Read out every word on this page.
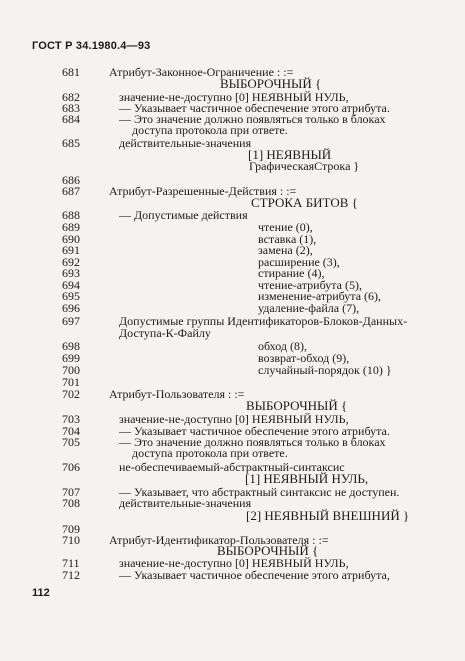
ГОСТ Р 34.1980.4—93
681 Атрибут-Законное-Ограничение : :=
ВЫБОРОЧНЫЙ {
682	значение-не-доступно [0] НЕЯВНЫЙ НУЛЬ,
683	— Указывает частичное обеспечение этого атрибута.
684	— Это значение должно появляться только в блоках
доступа протокола при ответе.
685	действительные-значения
[1] НЕЯВНЫЙ
ГрафическаяСтрока }
686
687 Атрибут-Разрешенные-Действия : :=
СТРОКА БИТОВ {
688	— Допустимые действия
689	чтение (0),
690	вставка (1),
691	замена (2),
692	расширение (3),
693	стирание (4),
694	чтение-атрибута (5),
695	изменение-атрибута (6),
696	удаление-файла (7),
697	Допустимые группы Идентификаторов-Блоков-Данных-
Доступа-К-Файлу
698	обход (8),
699	возврат-обход (9),
700	случайный-порядок (10) }
701
702 Атрибут-Пользователя : :=
ВЫБОРОЧНЫЙ {
703	значение-не-доступно [0] НЕЯВНЫЙ НУЛЬ,
704	— Указывает частичное обеспечение этого атрибута.
705	— Это значение должно появляться только в блоках
доступа протокола при ответе.
706	не-обеспечиваемый-абстрактный-синтаксис
[1] НЕЯВНЫЙ НУЛЬ,
707	— Указывает, что абстрактный синтаксис не доступен.
708	действительные-значения
[2] НЕЯВНЫЙ ВНЕШНИЙ }
709
710 Атрибут-Идентификатор-Пользователя : :=
ВЫБОРОЧНЫЙ {
711	значение-не-доступно [0] НЕЯВНЫЙ НУЛЬ,
712	— Указывает частичное обеспечение этого атрибута,
112
